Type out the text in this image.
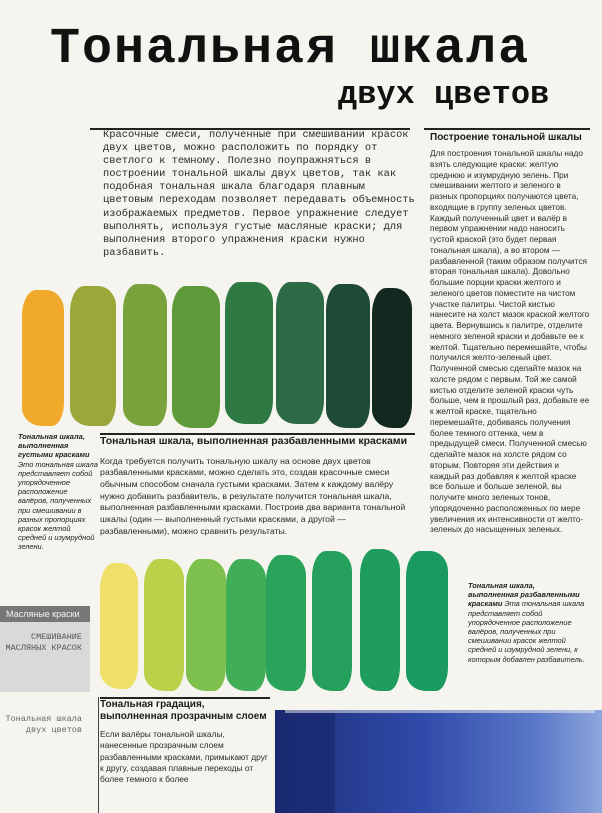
Тональная шкала
двух цветов

Красочные смеси, полученные при смешивании красок двух цветов, можно расположить по порядку от светлого к темному. Полезно поупражняться в построении тональной шкалы двух цветов, так как подобная тональная шкала благодаря плавным цветовым переходам позволяет передавать объемность изображаемых предметов. Первое упражнение следует выполнять, используя густые масляные краски; для выполнения второго упражнения краски нужно разбавить.

Построение тональной шкалы

Для построения тональной шкалы надо взять следующие краски: желтую среднюю и изумрудную зелень. При смешивании желтого и зеленого в разных пропорциях получаются цвета, входящие в группу зеленых цветов. Каждый полученный цвет и валёр в первом упражнении надо наносить густой краской (это будет первая тональная шкала), а во втором — разбавленной (таким образом получится вторая тональная шкала). Довольно большие порции краски желтого и зеленого цветов поместите на чистом участке палитры. Чистой кистью нанесите на холст мазок краской желтого цвета. Вернувшись к палитре, отделите немного зеленой краски и добавьте ее к желтой. Тщательно перемешайте, чтобы получился желто-зеленый цвет. Полученной смесью сделайте мазок на холсте рядом с первым. Той же самой кистью отделите зеленой краски чуть больше, чем в прошлый раз, добавьте ее к желтой краске, тщательно перемешайте, добиваясь получения более темного оттенка, чем в предыдущей смеси. Полученной смесью сделайте мазок на холсте рядом со вторым. Повторяя эти действия и каждый раз добавляя к желтой краске все больше и больше зеленой, вы получите много зеленых тонов, упорядоченно расположенных по мере увеличения их интенсивности от желто-зеленых до насыщенных зеленых.

Тональная шкала, выполненная густыми красками Это тональная шкала представляет собой упорядоченное расположение валёров, полученных при смешивании в разных пропорциях красок желтой средней и изумрудной зелени.

Тональная шкала, выполненная разбавленными красками

Когда требуется получить тональную шкалу на основе двух цветов разбавленными красками, можно сделать это, создав красочные смеси обычным способом сначала густыми красками. Затем к каждому валёру нужно добавить разбавитель, в результате получится тональная шкала, выполненная разбавленными красками. Построив два варианта тональной шкалы (один — выполненный густыми красками, а другой — разбавленными), можно сравнить результаты.

Масляные краски
СМЕШИВАНИЕ МАСЛЯНЫХ КРАСОК

Тональная шкала двух цветов

Тональная шкала, выполненная разбавленными красками Эта тональная шкала представляет собой упорядоченное расположение валёров, полученных при смешивании красок желтой средней и изумрудной зелени, к которым добавлен разбавитель.

Тональная градация, выполненная прозрачным слоем

Если валёры тональной шкалы, нанесенные прозрачным слоем разбавленными красками, примыкают друг к другу, создавая плавные переходы от более темного к более
